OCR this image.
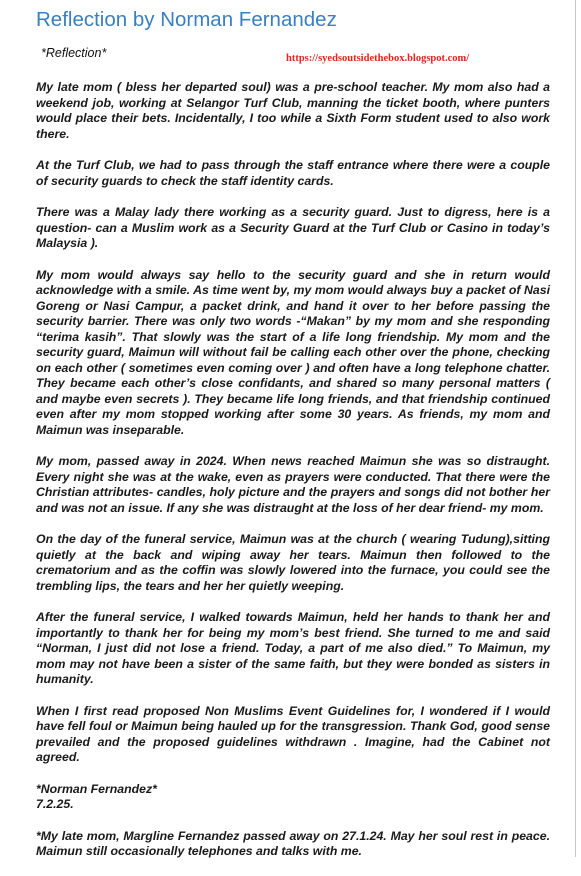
Reflection by Norman Fernandez

*Reflection*	https://syedsoutsidethebox.blogspot.com/

My late mom ( bless her departed soul) was a pre-school teacher. My mom also had a weekend job, working at Selangor Turf Club, manning the ticket booth, where punters would place their bets. Incidentally, I too while a Sixth Form student used to also work there.

At the Turf Club, we had to pass through the staff entrance where there were a couple of security guards to check the staff identity cards.

There was a Malay lady there working as a security guard. Just to digress, here is a question- can a Muslim work as a Security Guard at the Turf Club or Casino in today’s Malaysia ).

My mom would always say hello to the security guard and she in return would acknowledge with a smile. As time went by, my mom would always buy a packet of Nasi Goreng or Nasi Campur, a packet drink, and hand it over to her before passing the security barrier. There was only two words -“Makan” by my mom and she responding “terima kasih”. That slowly was the start of a life long friendship. My mom and the security guard, Maimun will without fail be calling each other over the phone, checking on each other ( sometimes even coming over ) and often have a long telephone chatter. They became each other’s close confidants, and shared so many personal matters ( and maybe even secrets ). They became life long friends, and that friendship continued even after my mom stopped working after some 30 years. As friends, my mom and Maimun was inseparable.

My mom, passed away in 2024. When news reached Maimun she was so distraught. Every night she was at the wake, even as prayers were conducted. That there were the Christian attributes- candles, holy picture and the prayers and songs did not bother her and was not an issue. If any she was distraught at the loss of her dear friend- my mom.

On the day of the funeral service, Maimun was at the church ( wearing Tudung),sitting quietly at the back and wiping away her tears. Maimun then followed to the crematorium and as the coffin was slowly lowered into the furnace, you could see the trembling lips, the tears and her her quietly weeping.

After the funeral service, I walked towards Maimun, held her hands to thank her and importantly to thank her for being my mom’s best friend. She turned to me and said “Norman, I just did not lose a friend. Today, a part of me also died.” To Maimun, my mom may not have been a sister of the same faith, but they were bonded as sisters in humanity.

When I first read proposed Non Muslims Event Guidelines for, I wondered if I would have fell foul or Maimun being hauled up for the transgression. Thank God, good sense prevailed and the proposed guidelines withdrawn . Imagine, had the Cabinet not agreed.

*Norman Fernandez*
7.2.25.

*My late mom, Margline Fernandez passed away on 27.1.24. May her soul rest in peace. Maimun still occasionally telephones and talks with me.
